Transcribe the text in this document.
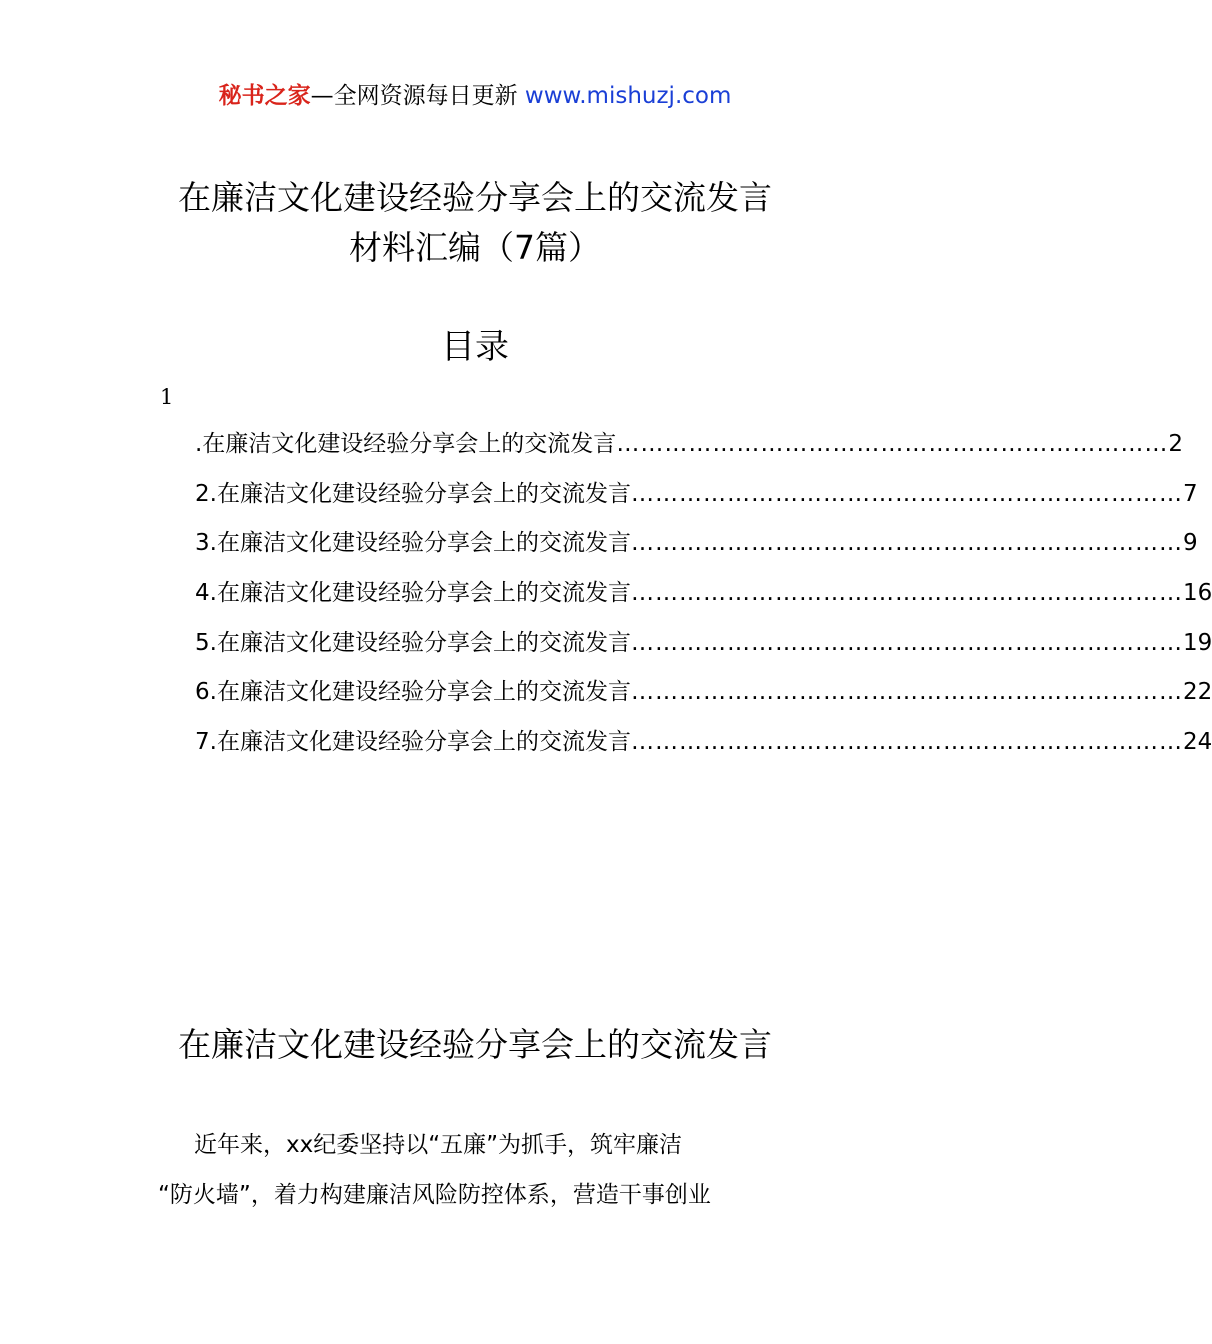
秘书之家—全网资源每日更新 www.mishuzj.com
在廉洁文化建设经验分享会上的交流发言
材料汇编（7篇）
目录
1
.在廉洁文化建设经验分享会上的交流发言 …………………………………………………………… 2
2.在廉洁文化建设经验分享会上的交流发言 …………………………………………………………… 7
3.在廉洁文化建设经验分享会上的交流发言 …………………………………………………………… 9
4.在廉洁文化建设经验分享会上的交流发言 …………………………………………………………… 16
5.在廉洁文化建设经验分享会上的交流发言 …………………………………………………………… 19
6.在廉洁文化建设经验分享会上的交流发言 …………………………………………………………… 22
7.在廉洁文化建设经验分享会上的交流发言 …………………………………………………………… 24
在廉洁文化建设经验分享会上的交流发言

近年来，xx纪委坚持以“五廉”为抓手，筑牢廉洁
“防火墙”，着力构建廉洁风险防控体系，营造干事创业
